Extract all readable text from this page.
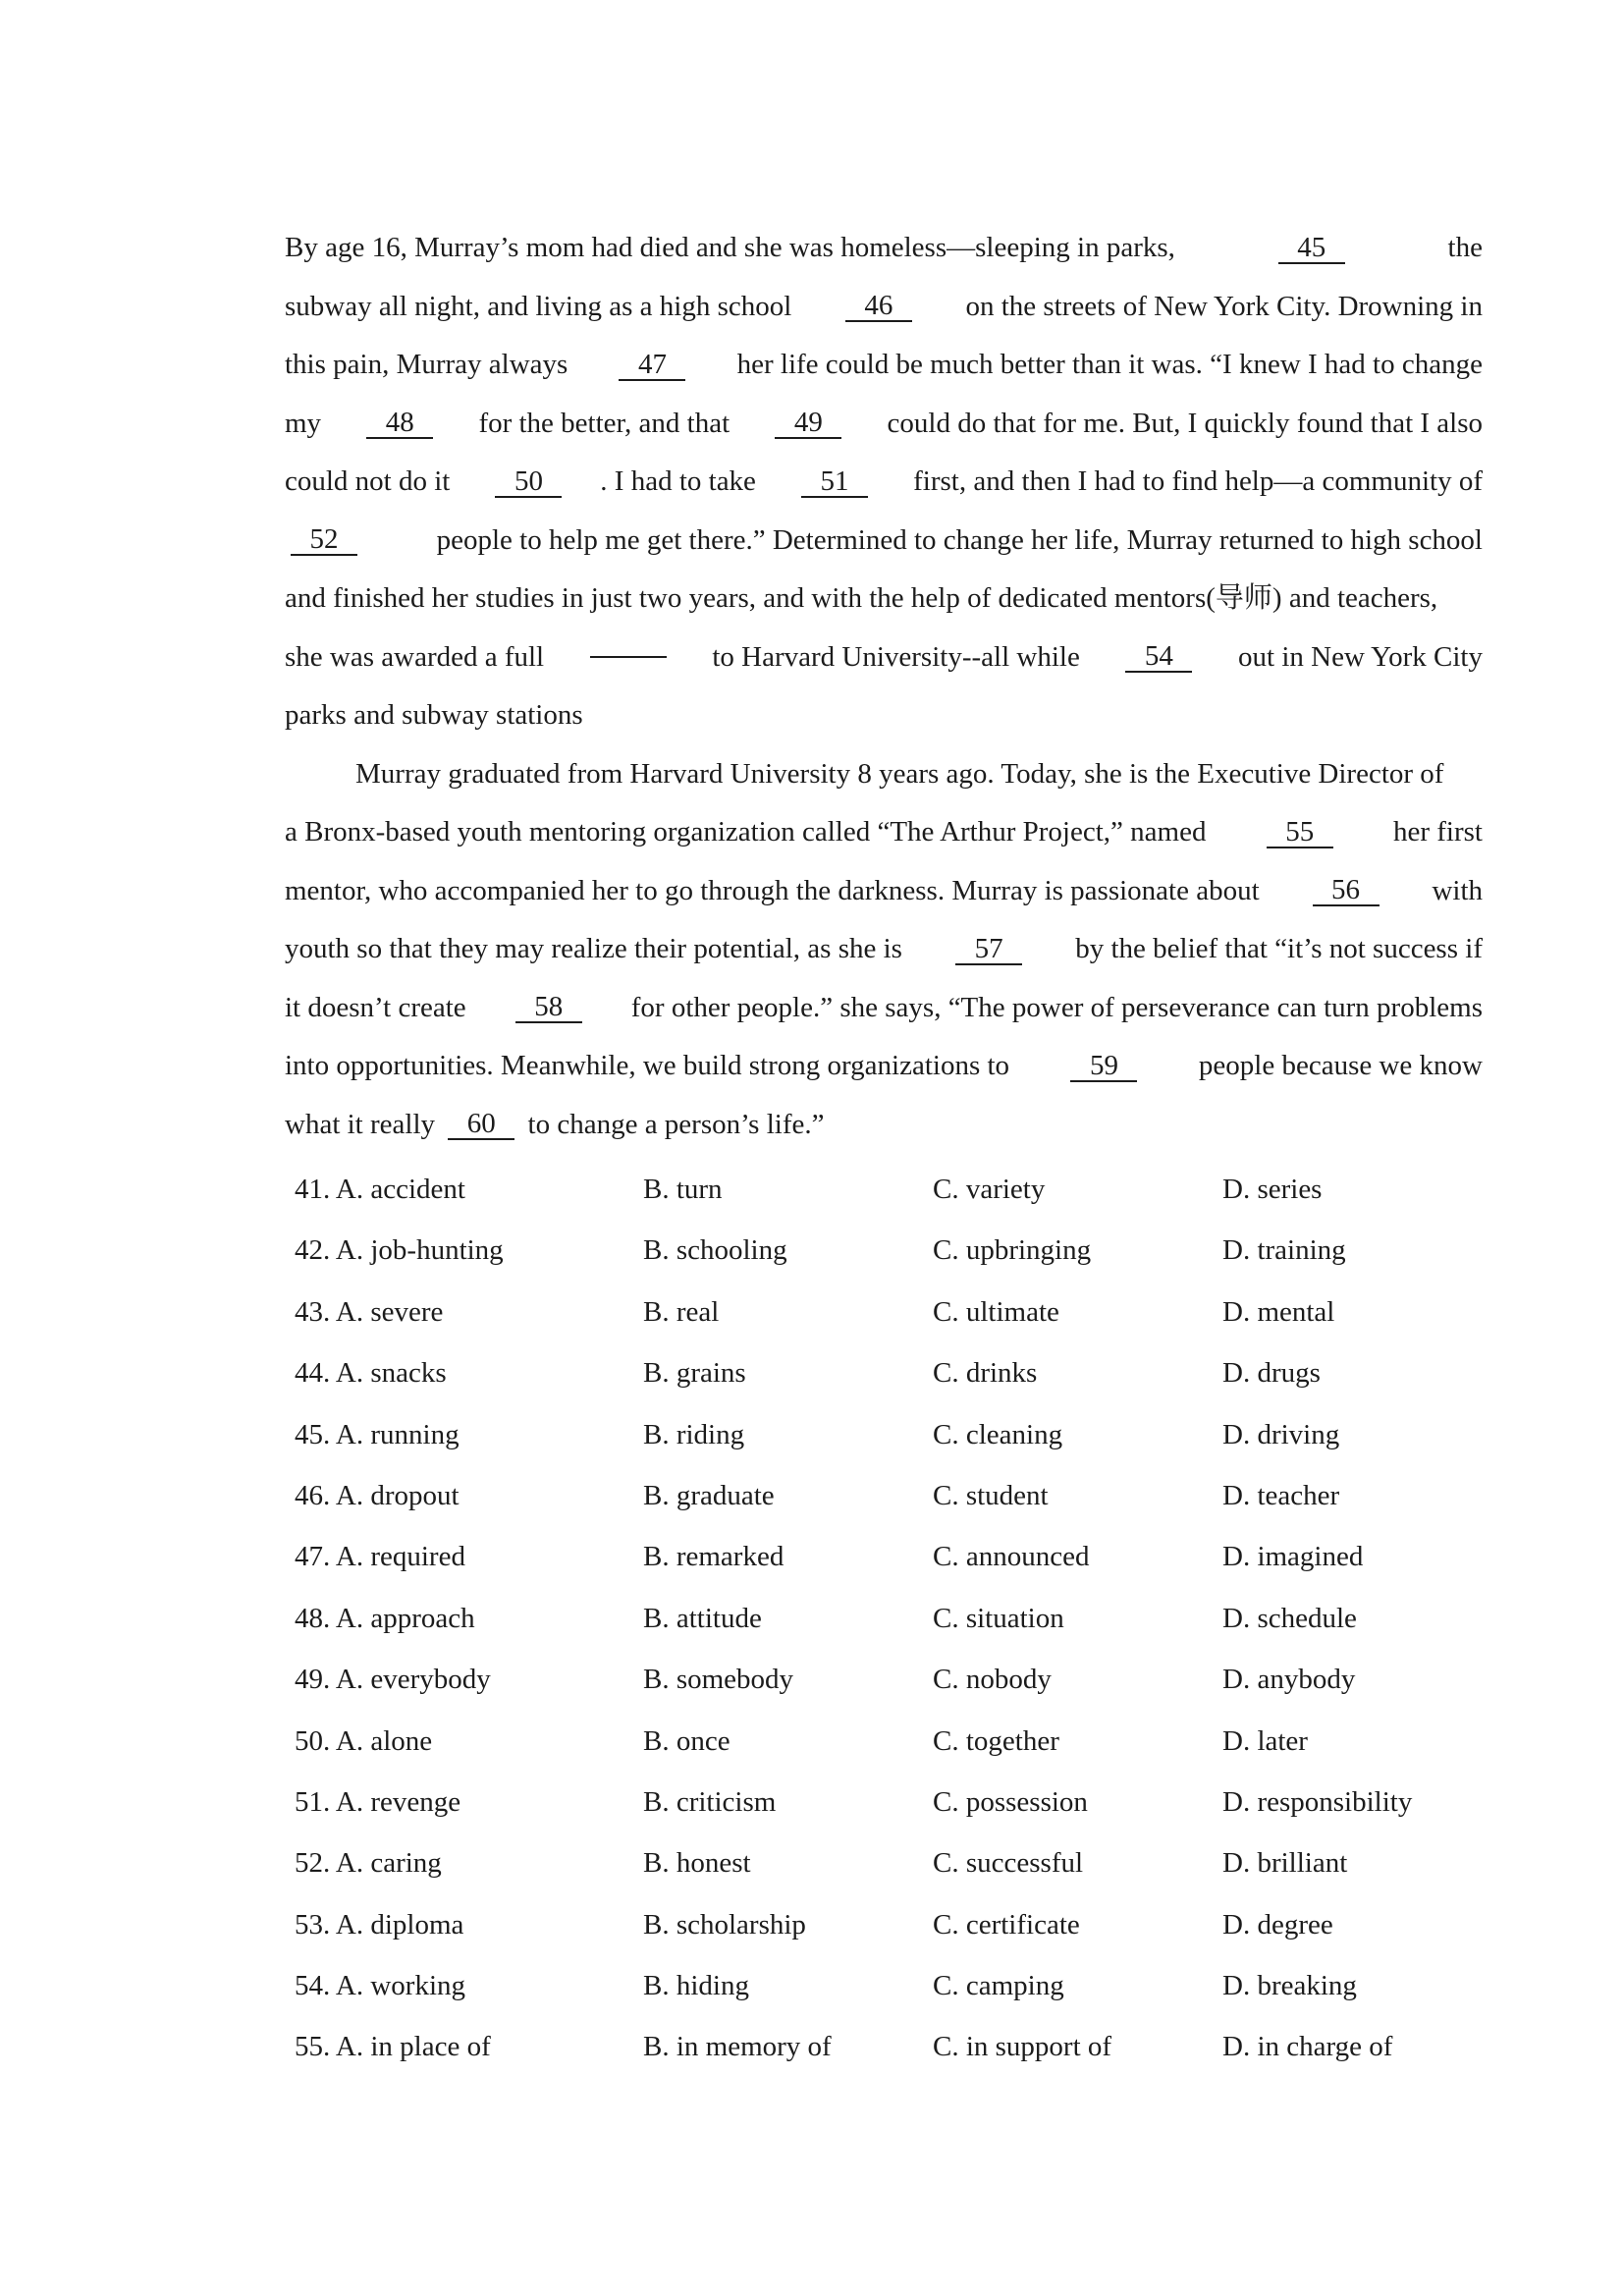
By age 16, Murray’s mom had died and she was homeless—sleeping in parks,	45	the
subway all night, and living as a high school	46	on the streets of New York City. Drowning in
this pain, Murray always	47	her life could be much better than it was. “I knew I had to change
my	48	for the better, and that	49	could do that for me. But, I quickly found that I also
could not do it	50	. I had to take	51	first, and then I had to find help—a community of
52	people to help me get there.” Determined to change her life, Murray returned to high school
and finished her studies in just two years, and with the help of dedicated mentors(导师) and teachers,
she was awarded a full	to Harvard University--all while	54	out in New York City
parks and subway stations
Murray graduated from Harvard University 8 years ago. Today, she is the Executive Director of
a Bronx-based youth mentoring organization called “The Arthur Project,” named	55	her first
mentor, who accompanied her to go through the darkness. Murray is passionate about	56	with
youth so that they may realize their potential, as she is	57	by the belief that “it’s not success if
it doesn’t create	58	for other people.” she says, “The power of perseverance can turn problems
into opportunities. Meanwhile, we build strong organizations to	59	people because we know
what it really 60 to change a person’s life.”
41. A. accident	B. turn	C. variety	D. series
42. A. job-hunting	B. schooling	C. upbringing	D. training
43. A. severe	B. real	C. ultimate	D. mental
44. A. snacks	B. grains	C. drinks	D. drugs
45. A. running	B. riding	C. cleaning	D. driving
46. A. dropout	B. graduate	C. student	D. teacher
47. A. required	B. remarked	C. announced	D. imagined
48. A. approach	B. attitude	C. situation	D. schedule
49. A. everybody	B. somebody	C. nobody	D. anybody
50. A. alone	B. once	C. together	D. later
51. A. revenge	B. criticism	C. possession	D. responsibility
52. A. caring	B. honest	C. successful	D. brilliant
53. A. diploma	B. scholarship	C. certificate	D. degree
54. A. working	B. hiding	C. camping	D. breaking
55. A. in place of	B. in memory of	C. in support of	D. in charge of
